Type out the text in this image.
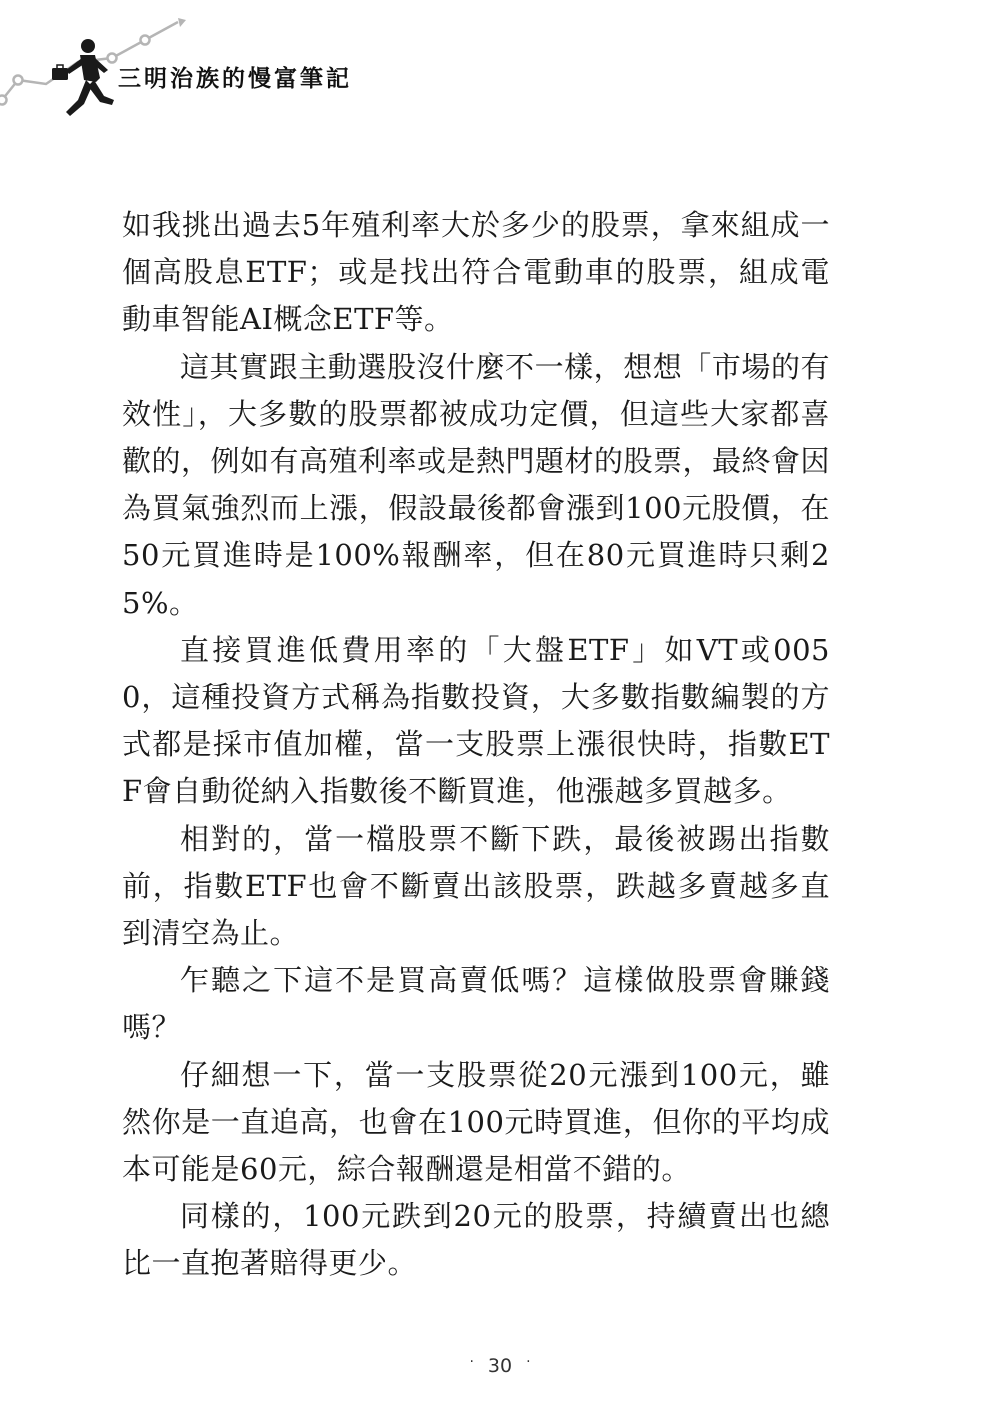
三明治族的慢富筆記

如我挑出過去5年殖利率大於多少的股票，拿來組成一個高股息ETF；或是找出符合電動車的股票，組成電動車智能AI概念ETF等。

這其實跟主動選股沒什麼不一樣，想想「市場的有效性」，大多數的股票都被成功定價，但這些大家都喜歡的，例如有高殖利率或是熱門題材的股票，最終會因為買氣強烈而上漲，假設最後都會漲到100元股價，在50元買進時是100%報酬率，但在80元買進時只剩25%。

直接買進低費用率的「大盤ETF」如VT或0050，這種投資方式稱為指數投資，大多數指數編製的方式都是採市值加權，當一支股票上漲很快時，指數ETF會自動從納入指數後不斷買進，他漲越多買越多。

相對的，當一檔股票不斷下跌，最後被踢出指數前，指數ETF也會不斷賣出該股票，跌越多賣越多直到清空為止。

乍聽之下這不是買高賣低嗎？這樣做股票會賺錢嗎？

仔細想一下，當一支股票從20元漲到100元，雖然你是一直追高，也會在100元時買進，但你的平均成本可能是60元，綜合報酬還是相當不錯的。

同樣的，100元跌到20元的股票，持續賣出也總比一直抱著賠得更少。

· 30 ·
